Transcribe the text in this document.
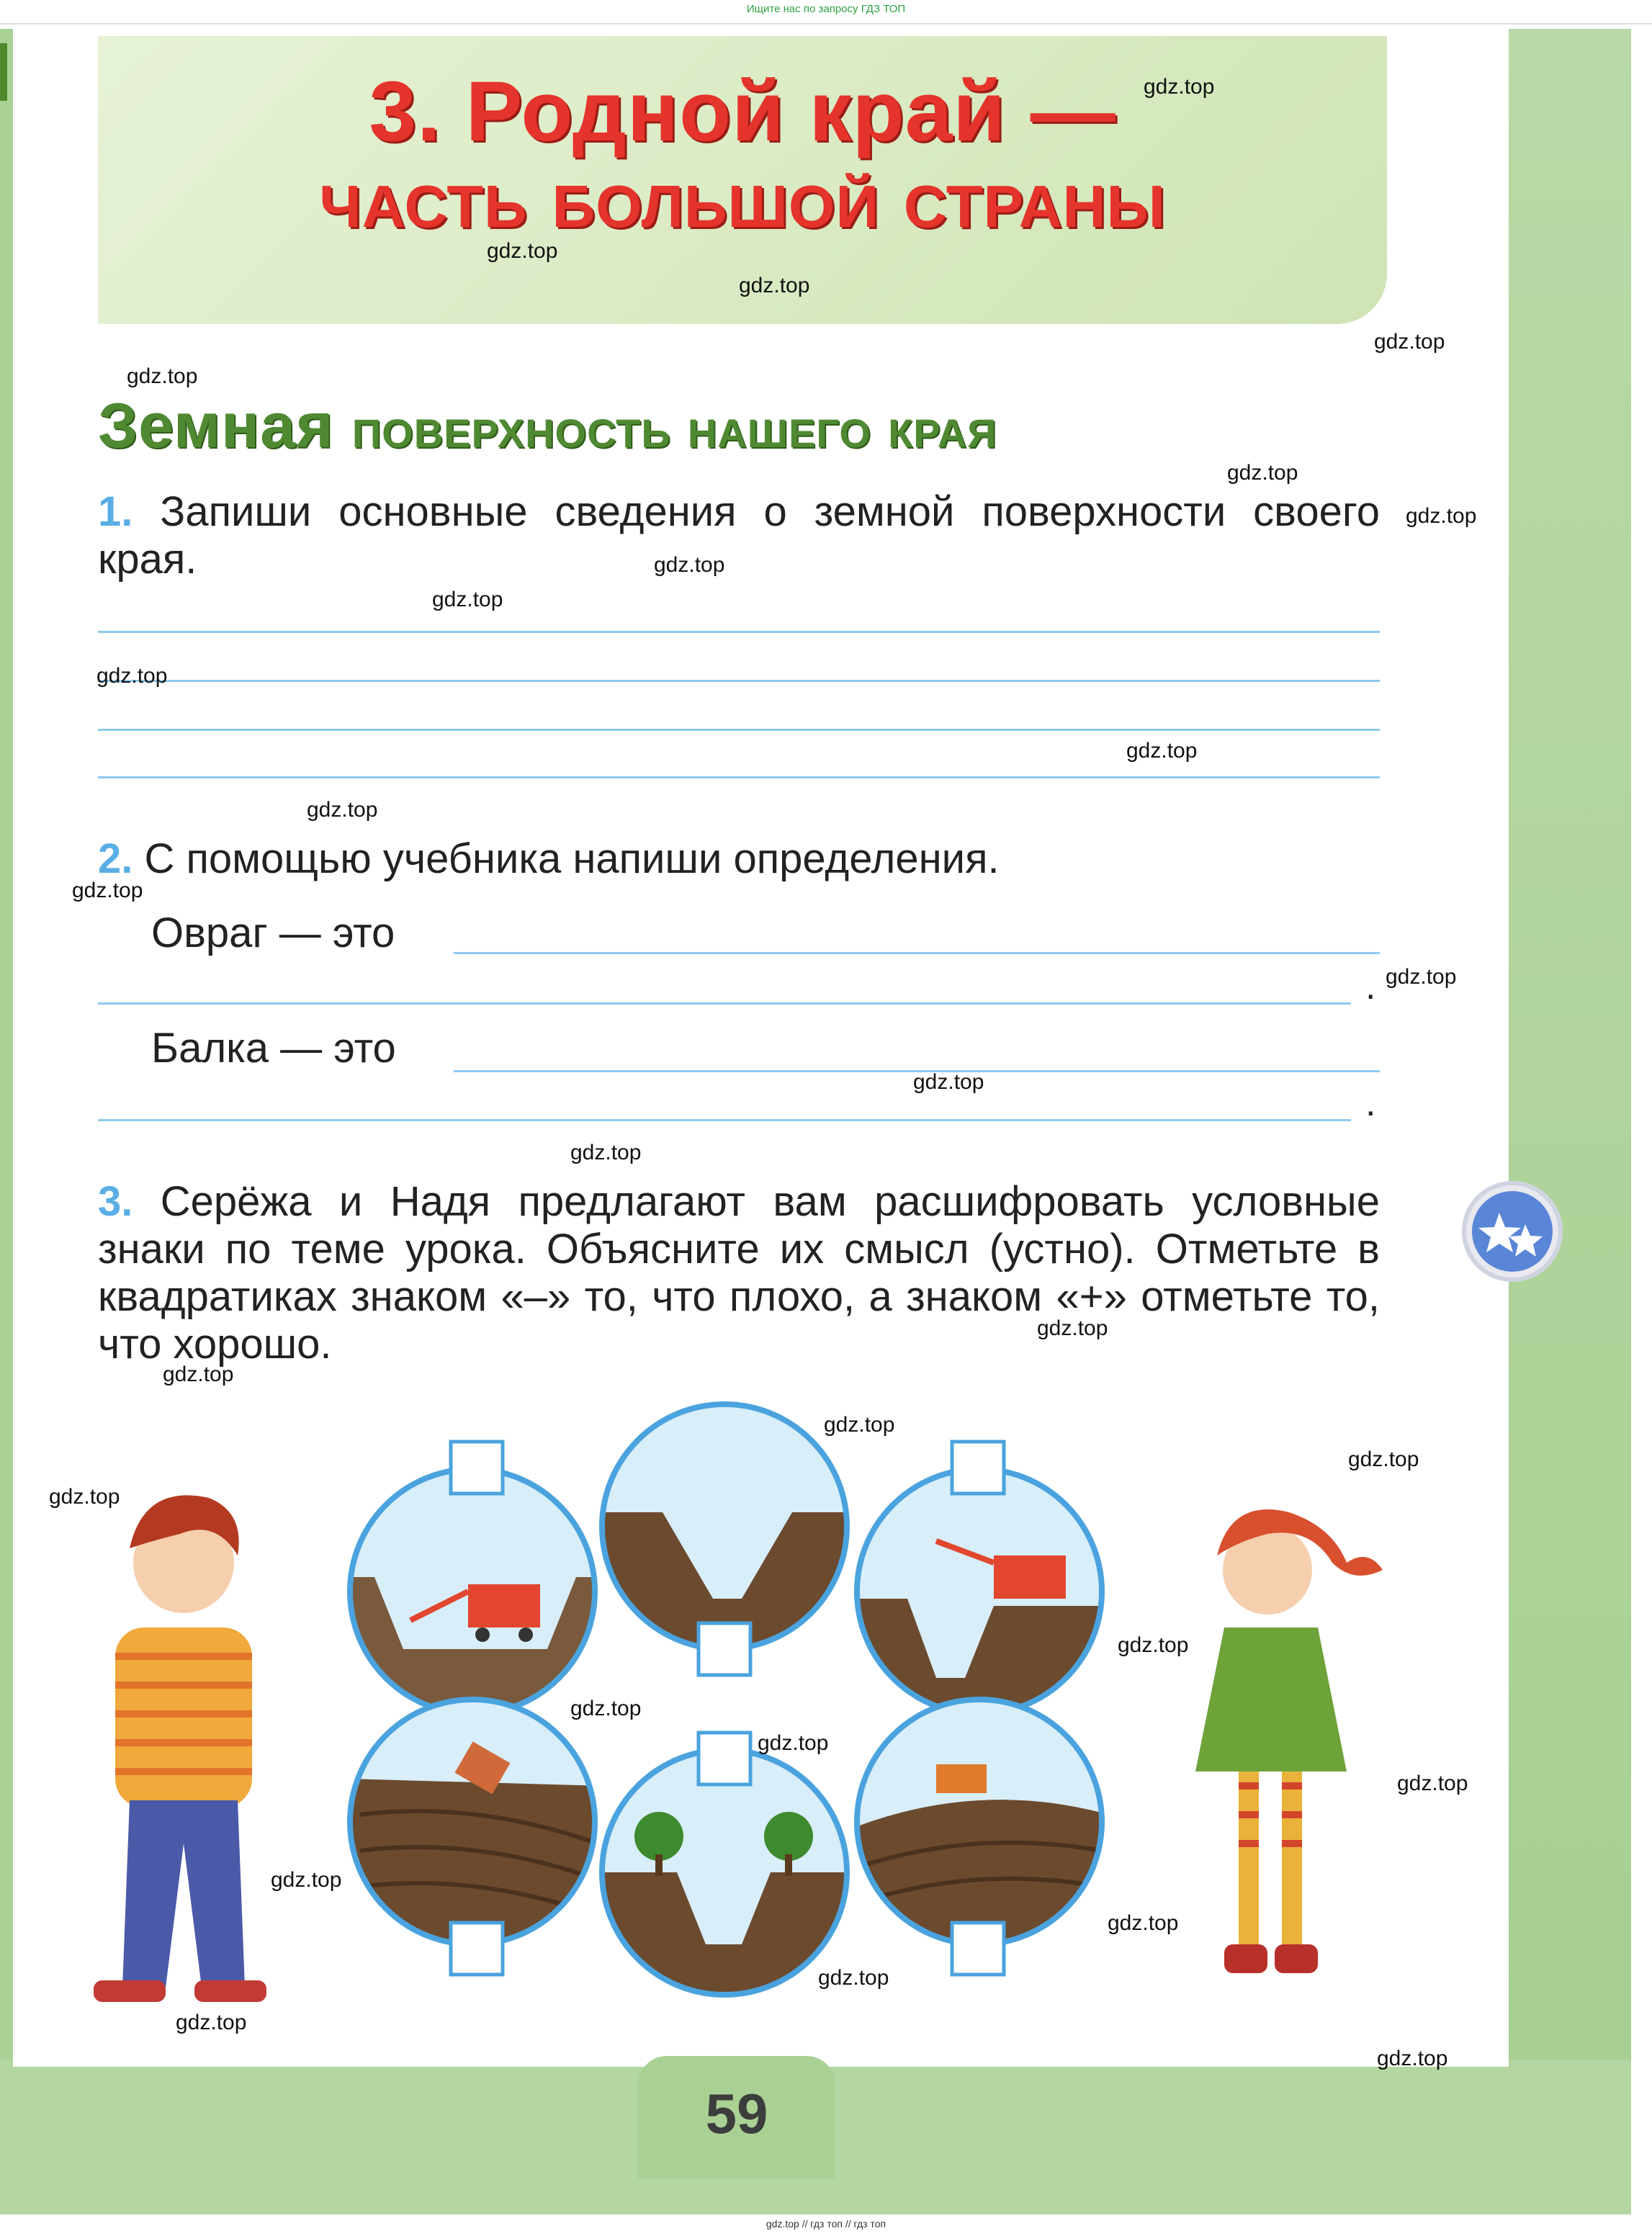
Ищите нас по запросу ГДЗ ТОП
3. Родной край —
часть большой страны
Земная поверхность нашего края
1. Запиши основные сведения о земной поверхности своего края.
2. С помощью учебника напиши определения.
Овраг — это
.
Балка — это
.
3. Серёжа и Надя предлагают вам расшифровать условные знаки по теме урока. Объясните их смысл (устно). Отметьте в квадратиках знаком «–» то, что плохо, а знаком «+» отметьте то, что хорошо.
59
gdz.top
gdz.top
gdz.top
gdz.top
gdz.top
gdz.top
gdz.top
gdz.top
gdz.top
gdz.top
gdz.top
gdz.top
gdz.top
gdz.top
gdz.top
gdz.top
gdz.top
gdz.top
gdz.top
gdz.top
gdz.top
gdz.top
gdz.top
gdz.top
gdz.top
gdz.top
gdz.top
gdz.top
gdz.top
gdz.top
gdz.top // гдз топ // гдз топ
